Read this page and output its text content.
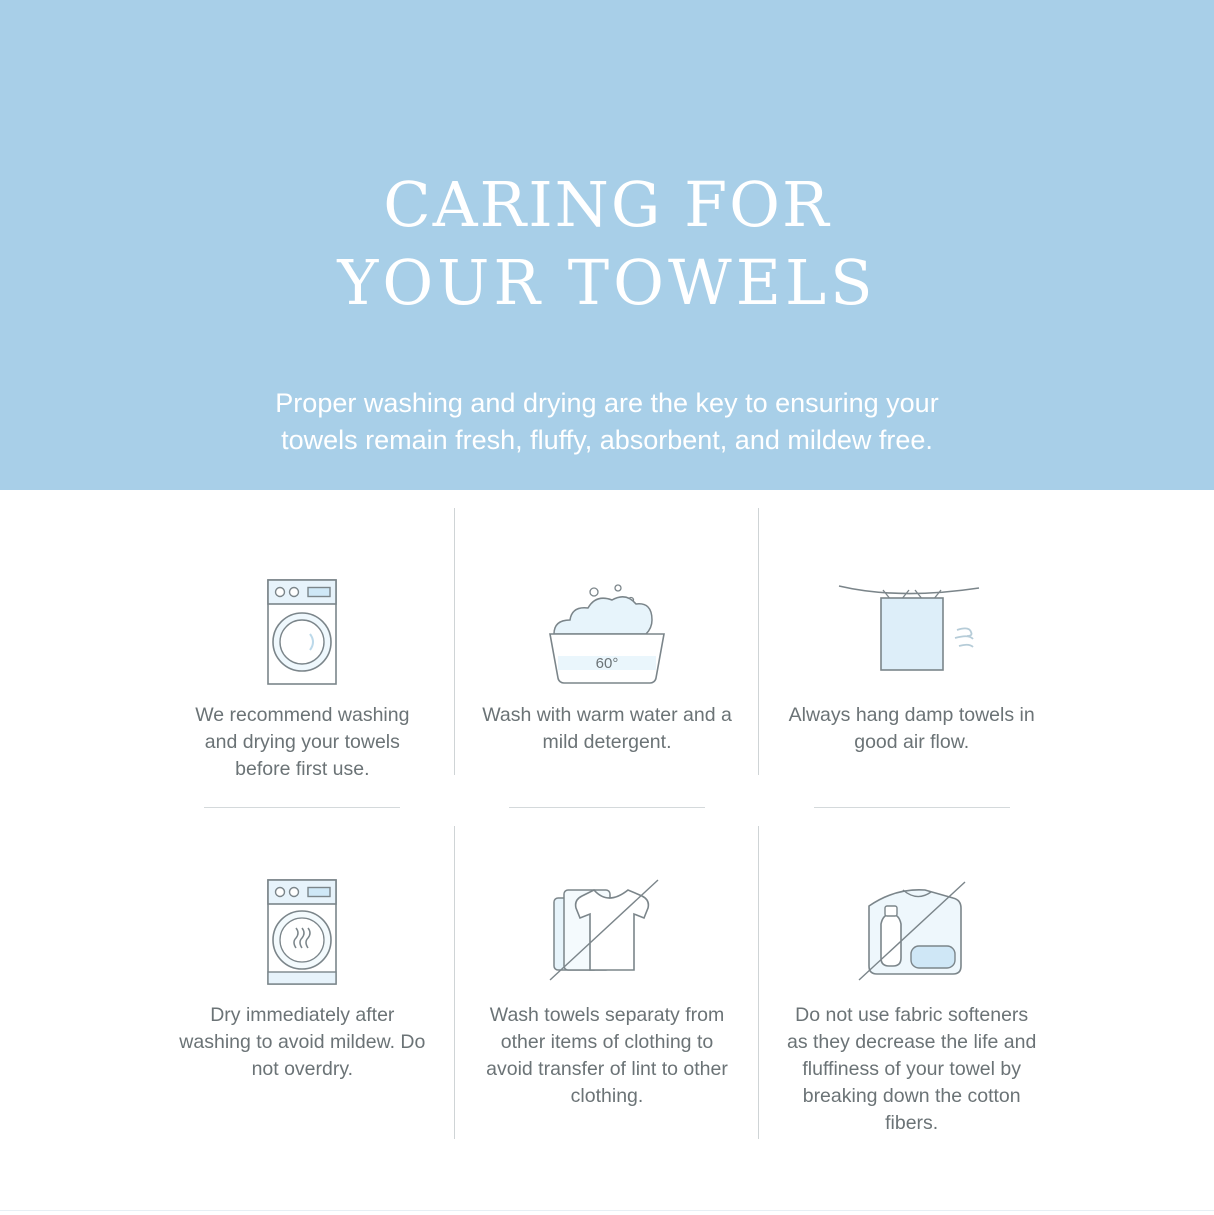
CARING FOR
YOUR TOWELS

Proper washing and drying are the key to ensuring your towels remain fresh, fluffy, absorbent, and mildew free.

We recommend washing and drying your towels before first use.
60°
Wash with warm water and a mild detergent.
Always hang damp towels in good air flow.
Dry immediately after washing to avoid mildew. Do not overdry.
Wash towels separaty from other items of clothing to avoid transfer of lint to other clothing.
Do not use fabric softeners as they decrease the life and fluffiness of your towel by breaking down the cotton fibers.
